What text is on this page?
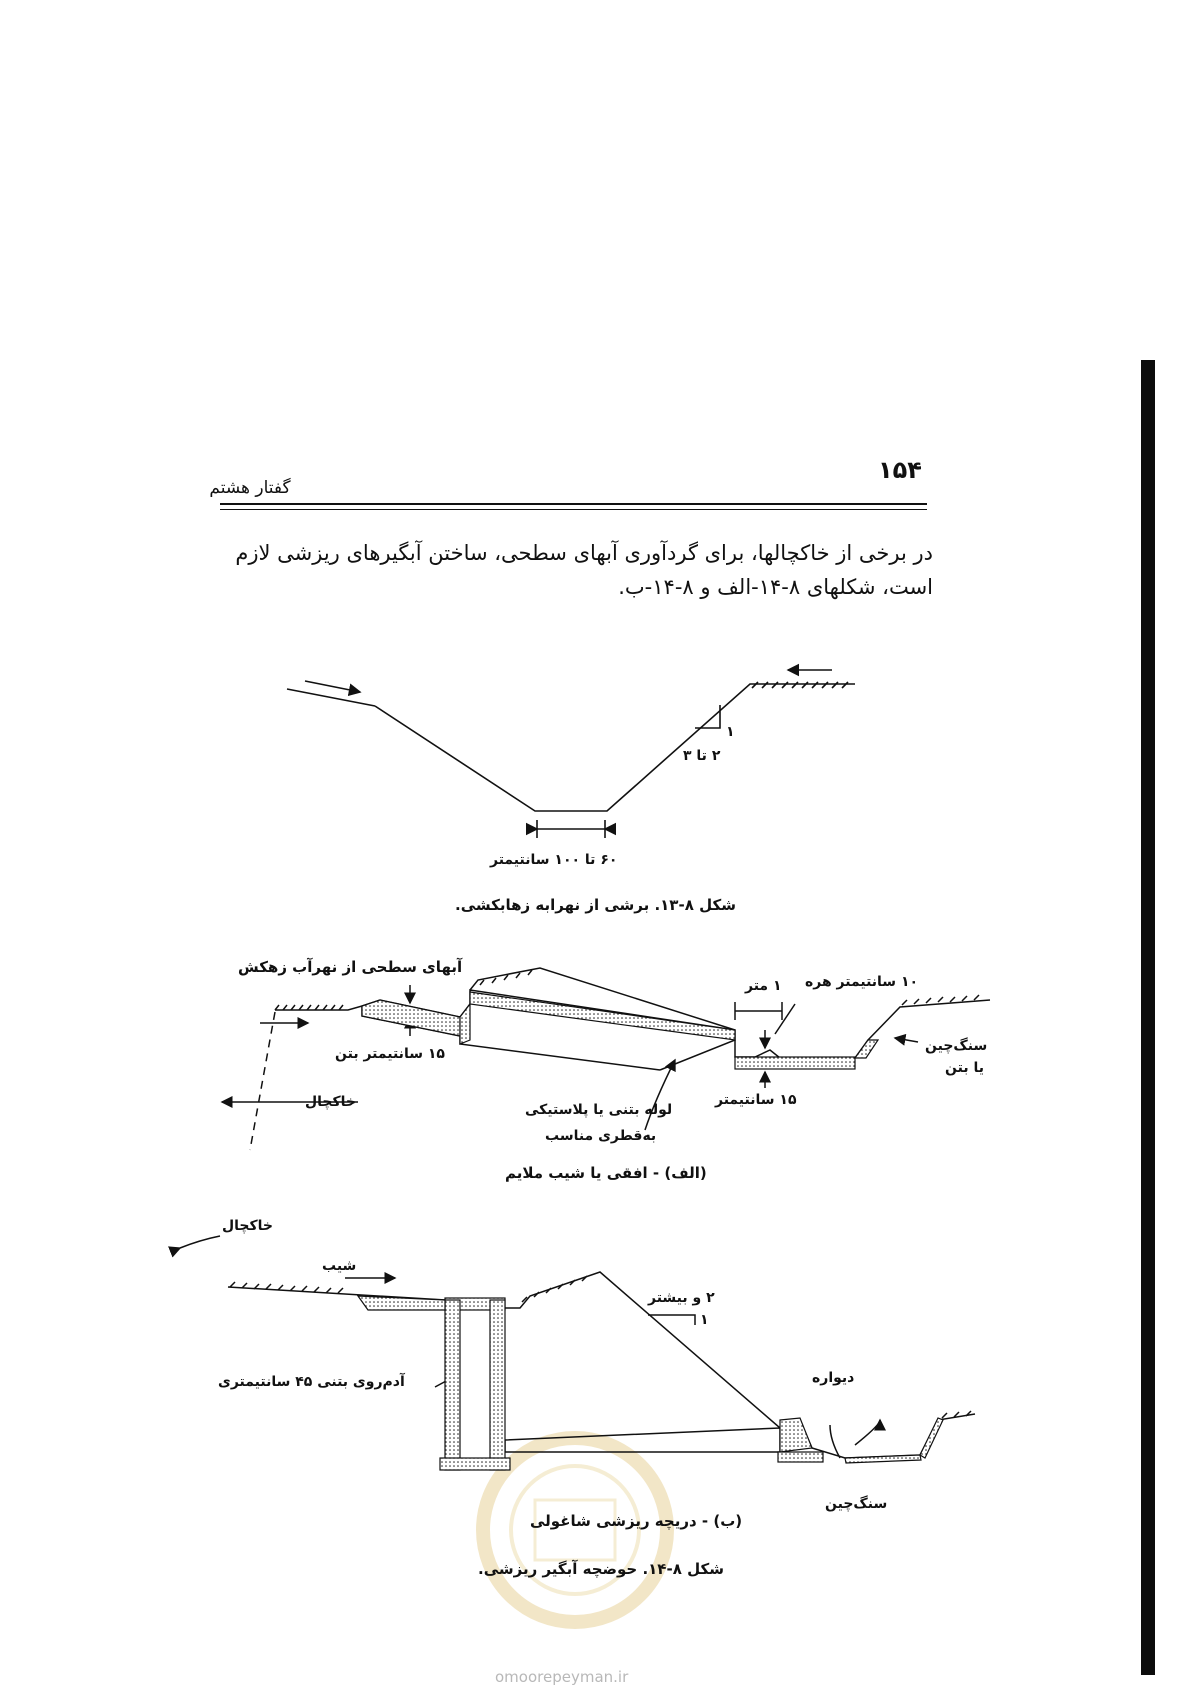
۱۵۴
گفتار هشتم
در برخی از خاکچالها، برای گردآوری آبهای سطحی، ساختن آبگیرهای ریزشی لازم است، شکلهای ۸-۱۴-الف و ۸-۱۴-ب.
۱
۲ تا ۳
۶۰ تا ۱۰۰ سانتیمتر
شکل ۸-۱۳. برشی از نهرابه زهابکشی.
آبهای سطحی از نهرآب زهکش
۱۵ سانتیمتر بتن
خاکچال	لوله بتنی یا پلاستیکی
به‌قطری مناسب
۱ متر ۱۰ سانتیمتر هره
۱۵ سانتیمتر
سنگ‌چین
یا بتن
(الف) - افقی یا شیب ملایم
خاکچال
شیب
۲ و بیشتر
۱
آدم‌روی بتنی ۴۵ سانتیمتری	دیواره
سنگ‌چین
(ب) - دریچه ریزشی شاغولی
شکل ۸-۱۴. حوضچه آبگیر ریزشی.
omoorepeyman.ir
